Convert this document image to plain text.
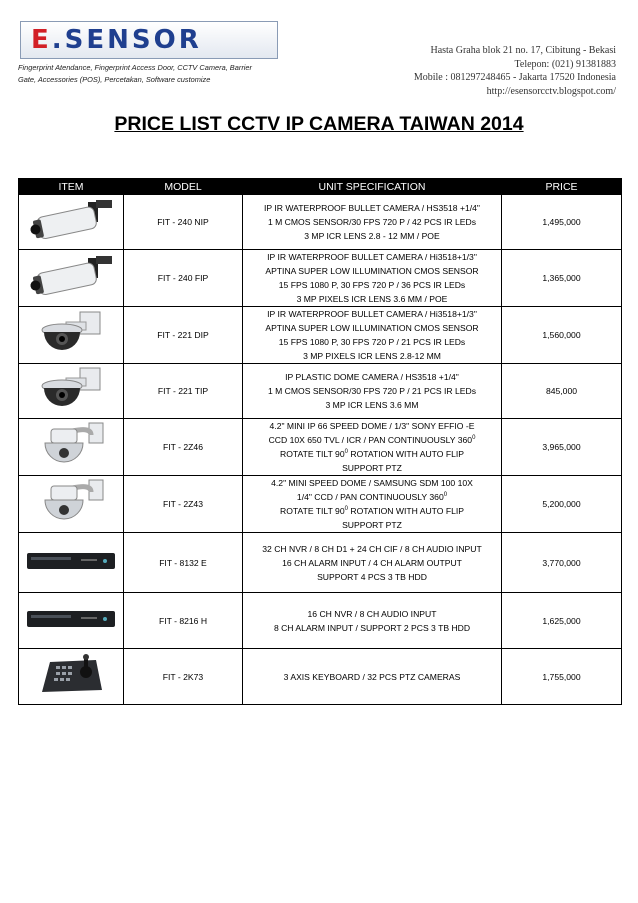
E.SENSOR
Fingerprint Atendance, Fingerprint Access Door, CCTV Camera, Barrier
Gate, Accessories (POS), Percetakan, Software customize
Hasta Graha blok 21 no. 17, Cibitung - Bekasi
Telepon: (021) 91381883
Mobile : 081297248465 - Jakarta 17520 Indonesia
http://esensorcctv.blogspot.com/
PRICE LIST CCTV IP CAMERA TAIWAN 2014
ITEM	MODEL	UNIT SPECIFICATION	PRICE
	FIT - 240 NIP	IP IR WATERPROOF BULLET CAMERA / HS3518 +1/4"
1 M CMOS SENSOR/30 FPS 720 P / 42 PCS IR LEDs
3 MP ICR LENS 2.8 - 12 MM / POE	1,495,000
	FIT - 240 FIP	IP IR WATERPROOF BULLET CAMERA / Hi3518+1/3"
APTINA SUPER LOW ILLUMINATION CMOS SENSOR
15 FPS 1080 P, 30 FPS 720 P / 36 PCS IR LEDs
3 MP PIXELS ICR LENS 3.6 MM / POE	1,365,000
	FIT - 221 DIP	IP IR WATERPROOF BULLET CAMERA / Hi3518+1/3"
APTINA SUPER LOW ILLUMINATION CMOS SENSOR
15 FPS 1080 P, 30 FPS 720 P / 21 PCS IR LEDs
3 MP PIXELS ICR LENS 2.8-12 MM	1,560,000
	FIT - 221 TIP	IP PLASTIC DOME CAMERA / HS3518 +1/4"
1 M CMOS SENSOR/30 FPS 720 P / 21 PCS IR LEDs
3 MP ICR LENS 3.6 MM	845,000
	FIT - 2Z46	4.2" MINI IP 66 SPEED DOME / 1/3" SONY EFFIO -E
CCD 10X 650 TVL / ICR / PAN CONTINUOUSLY $360^0$
ROTATE TILT $90^0$ ROTATION WITH AUTO FLIP
SUPPORT PTZ	3,965,000
	FIT - 2Z43	4.2" MINI SPEED DOME / SAMSUNG SDM 100 10X
1/4" CCD / PAN CONTINUOUSLY $360^0$
ROTATE TILT $90^0$ ROTATION WITH AUTO FLIP
SUPPORT PTZ	5,200,000
	FIT - 8132 E	32 CH NVR / 8 CH D1 + 24 CH CIF / 8 CH AUDIO INPUT
16 CH ALARM INPUT / 4 CH ALARM OUTPUT
SUPPORT 4 PCS 3 TB HDD	3,770,000
	FIT - 8216 H	16 CH NVR / 8 CH AUDIO INPUT
8 CH ALARM INPUT / SUPPORT 2 PCS 3 TB HDD	1,625,000
	FIT - 2K73	3 AXIS KEYBOARD / 32 PCS PTZ CAMERAS	1,755,000
